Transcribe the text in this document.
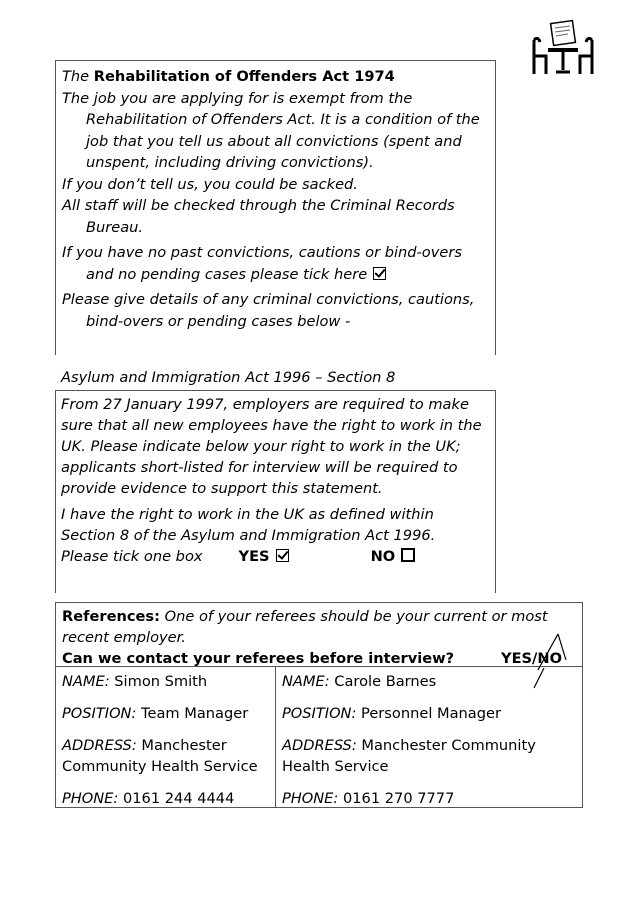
The Rehabilitation of Offenders Act 1974

The job you are applying for is exempt from the Rehabilitation of Offenders Act. It is a condition of the job that you tell us about all convictions (spent and unspent, including driving convictions).

If you don’t tell us, you could be sacked.

All staff will be checked through the Criminal Records Bureau.

If you have no past convictions, cautions or bind-overs and no pending cases please tick here

Please give details of any criminal convictions, cautions, bind-overs or pending cases below -

Asylum and Immigration Act 1996 – Section 8

From 27 January 1997, employers are required to make sure that all new employees have the right to work in the UK. Please indicate below your right to work in the UK; applicants short-listed for interview will be required to provide evidence to support this statement.

I have the right to work in the UK as defined within Section 8 of the Asylum and Immigration Act 1996.

Please tick one box YES	NO

References: One of your referees should be your current or most recent employer.
Can we contact your referees before interview?	YES/NO
NAME: Simon Smith
POSITION: Team Manager
ADDRESS: Manchester Community Health Service
PHONE: 0161 244 4444
NAME: Carole Barnes
POSITION: Personnel Manager
ADDRESS: Manchester Community Health Service
PHONE: 0161 270 7777
